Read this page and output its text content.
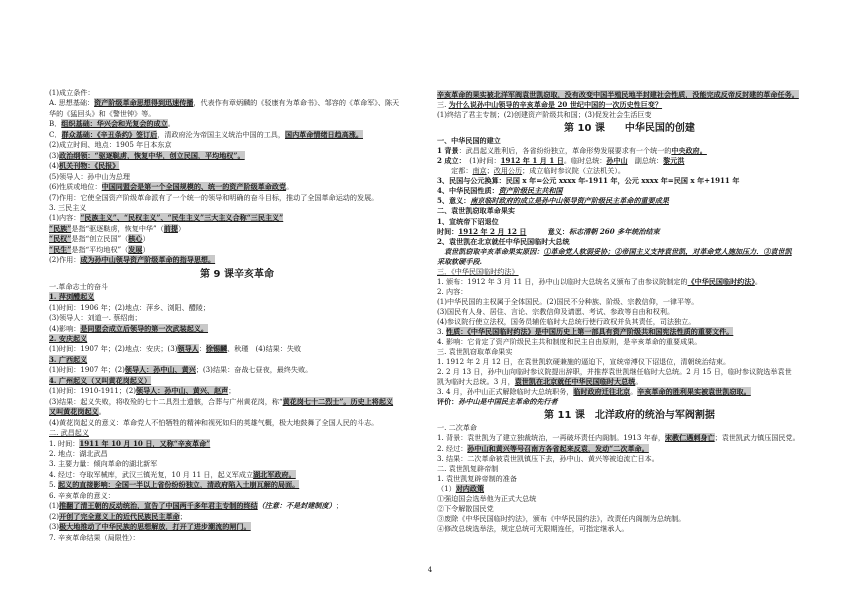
(1)成立条件：
A. 思想基础：资产阶级革命思想得到迅速传播，代表作有章炳麟的《驳康有为革命书》、邹容的《革命军》、陈天
华的《猛回头》和《警世钟》等。
B．组织基础：华兴会和光复会的成立。
C．群众基础：《辛丑条约》签订后，清政府沦为帝国主义统治中国的工具，国内革命情绪日趋高涨。
(2)成立时间、地点：1905 年日本东京
(3)政治纲领：“驱逐鞑虏，恢复中华，创立民国，平均地权”。
(4)机关刊物：《民报》
(5)领导人：孙中山为总理
(6)性质或地位：中国同盟会是第一个全国规模的、统一的资产阶级革命政党。
(7)作用：它使全国资产阶级革命派有了一个统一的领导和明确的奋斗目标，推动了全国革命运动的发展。
3. 三民主义
(1)内容：“民族主义”、“民权主义”、“民生主义”三大主义合称“三民主义”
“民族”是指“驱逐鞑虏，恢复中华”（前提）
“民权”是指“创立民国”（核心）
“民生”是指“平均地权”（发展）
(2)作用：成为孙中山领导资产阶级革命的指导思想。
第 9 课辛亥革命
一.革命志士的奋斗
1. 萍浏醴起义
(1)时间：1906 年；(2)地点：萍乡、浏阳、醴陵；
(3)领导人：刘道一. 蔡绍南；
(4)影响：是同盟会成立后领导的第一次武装起义。
2. 安庆起义
(1)时间：1907 年；(2)地点：安庆；(3)领导人：徐锡麟、秋瑾　(4)结果：失败
3. 广西起义
(1)时间：1907 年；(2)领导人：孙中山、黄兴；(3)结果：奋战七昼夜，最终失败。
4. 广州起义（又叫黄花岗起义）
(1)时间：1910-1911；(2)领导人：孙中山、黄兴、赵声；
(3)结果：起义失败，将收殓的七十二具烈士遗骸，合葬与广州黄花岗，称“黄花岗七十二烈士”。历史上将起义
又叫黄花岗起义。
(4)黄花岗起义的意义：革命党人不怕牺牲的精神和视死如归的英雄气概，极大地鼓舞了全国人民的斗志。
二. 武昌起义
1. 时间：1911 年 10 月 10 日，又称“辛亥革命”
2. 地点：湖北武昌
3. 主要力量：倾向革命的湖北新军
4. 经过：夺取军械库，武汉三镇光复，10 月 11 日，起义军成立湖北军政府。
5. 起义的直接影响：全国一半以上省份纷纷独立，清政府陷入土崩瓦解的局面。
6. 辛亥革命的意义：
(1)推翻了清王朝的反动统治，宣告了中国两千多年君主专制的终结（注意：不是封建制度）；
(2)开创了完全意义上的近代民族民主革命；
(3)极大地推动了中华民族的思想解放，打开了进步潮流的闸门。
7. 辛亥革命结果（局限性）：
辛亥革命的果实被北洋军阀袁世凯窃取，没有改变中国半殖民地半封建社会性质，没能完成反帝反封建的革命任务。
三. 为什么说孙中山领导的辛亥革命是 20 世纪中国的一次历史性巨变？
(1)终结了君主专制；(2)创建资产阶级共和国；(3)促发社会生活巨变
第 10 课　　中华民国的创建
一、中华民国的建立
1 背景：武昌起义胜利后，各省纷纷独立，革命形势发展要求有一个统一的中央政府。
2 成立：　(1)时间：1912 年 1 月 1 日。临时总统：孙中山　副总统：黎元洪
　　定都：南京；改用公历；成立临时参议院（立法机关）。
3、民国与公元换算：民国 x 年=公元 xxxx 年-1911 年，公元 xxxx 年=民国 x 年+1911 年
4、中华民国性质：资产阶级民主共和国
5、意义：南京临时政府的成立是孙中山领导资产阶级民主革命的重要成果
二、袁世凯窃取革命果实
1、宣统帝下诏退位
时间：1912 年 2 月 12 日　　　意义：标志清朝 260 多年统治结束
2、袁世凯在北京就任中华民国临时大总统
　袁世凯窃取辛亥革命果实原因：①革命党人软弱妥协；②帝国主义支持袁世凯，对革命党人施加压力．③袁世凯
采取软硬手段.
三．《中华民国临时约法》
1. 颁布：1912 年 3 月 11 日，孙中山以临时大总统名义颁布了由参议院制定的《中华民国临时约法》。
2. 内容：
(1)中华民国的主权属于全体国民。(2)国民不分种族、阶级、宗教信仰，一律平等。
(3)国民有人身、居住、言论、宗教信仰及请愿、考试、参政等自由和权利。
(4)参议院行使立法权，国务员辅佐临时大总统行使行政权并负其责任，司法独立。
3. 性质：《中华民国临时约法》是中国历史上第一部具有资产阶级共和国宪法性质的重要文件。
4. 影响：它肯定了资产阶级民主共和制度和民主自由原则，是辛亥革命的重要成果。
三. 袁世凯窃取革命果实
1. 1912 年 2 月 12 日，在袁世凯软硬兼施的逼迫下，宣统帝溥仪下诏退位，清朝统治结束。
2. 2 月 13 日，孙中山向临时参议院提出辞职，并推荐袁世凯继任临时大总统。2 月 15 日，临时参议院选举袁世
凯为临时大总统。3 月，袁世凯在北京就任中华民国临时大总统。
3. 4 月，孙中山正式解除临时大总统职务，临时政府迁往北京。辛亥革命的胜利果实被袁世凯窃取。
评价：孙中山是中国民主革命的先行者
第 11 课　北洋政府的统治与军阀割据
一. 二次革命
1. 背景：袁世凯为了建立独裁统治，一再破坏责任内阁制。1913 年春，宋教仁遇刺身亡；袁世凯武力镇压国民党。
2. 经过：孙中山和黄兴等号召南方各省起来反袁，发动“二次革命。
3. 结果：二次革命被袁世凯镇压下去，孙中山、黄兴等被迫流亡日本。
二. 袁世凯复辟帝制
1. 袁世凯复辟帝制的准备
（1）对内政策
①强迫国会选举他为正式大总统
②下令解散国民党
③废除《中华民国临时约法》，颁布《中华民国约法》，改责任内阁制为总统制。
④修改总统选举法，规定总统可无限期连任，可指定继承人。
4
